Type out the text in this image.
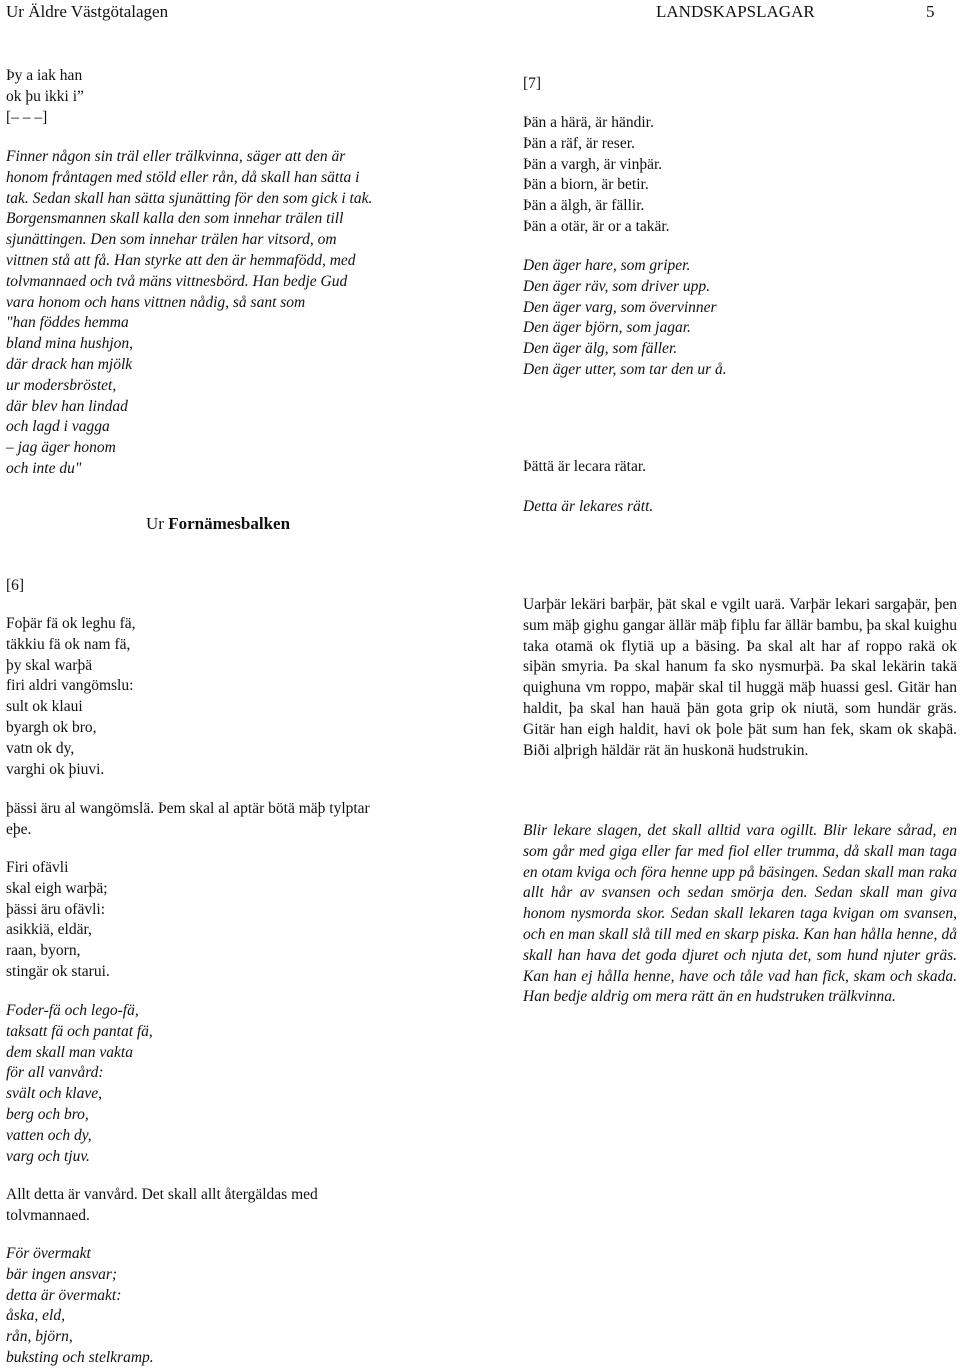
Ur Äldre Västgötalagen	LANDSKAPSLAGAR	5
Þy a iak han
ok þu ikki i”
[– – –]
Finner någon sin träl eller trälkvinna, säger att den är
honom fråntagen med stöld eller rån, då skall han sätta i
tak. Sedan skall han sätta sjunätting för den som gick i tak.
Borgensmannen skall kalla den som innehar trälen till
sjunättingen. Den som innehar trälen har vitsord, om
vittnen stå att få. Han styrke att den är hemmafödd, med
tolvmannaed och två mäns vittnesbörd. Han bedje Gud
vara honom och hans vittnen nådig, så sant som
"han föddes hemma
bland mina hushjon,
där drack han mjölk
ur modersbröstet,
där blev han lindad
och lagd i vagga
– jag äger honom
och inte du"
Ur Fornämesbalken
[7]
Þän a härä, är händir.
Þän a räf, är reser.
Þän a vargh, är vinþär.
Þän a biorn, är betir.
Þän a älgh, är fällir.
Þän a otär, är or a takär.
Den äger hare, som griper.
Den äger räv, som driver upp.
Den äger varg, som övervinner
Den äger björn, som jagar.
Den äger älg, som fäller.
Den äger utter, som tar den ur å.
Þättä är lecara rätar.
Detta är lekares rätt.
[6]
Foþär fä ok leghu fä,
täkkiu fä ok nam fä,
þy skal warþä
firi aldri vangömslu:
sult ok klaui
byargh ok bro,
vatn ok dy,
varghi ok þiuvi.
þässi äru al wangömslä. Þem skal al aptär bötä mäþ tylptar
eþe.
Firi ofävli
skal eigh warþä;
þässi äru ofävli:
asikkiä, eldär,
raan, byorn,
stingär ok starui.
Foder-fä och lego-fä,
taksatt fä och pantat fä,
dem skall man vakta
för all vanvård:
svält och klave,
berg och bro,
vatten och dy,
varg och tjuv.
Allt detta är vanvård. Det skall allt återgäldas med
tolvmannaed.
För övermakt
bär ingen ansvar;
detta är övermakt:
åska, eld,
rån, björn,
buksting och stelkramp.
Uarþär lekäri barþär, þät skal e vgilt uarä. Varþär lekari sargaþär, þen sum mäþ gighu gangar ällär mäþ fiþlu far ällär bambu, þa skal kuighu taka otamä ok flytiä up a bäsing. Þa skal alt har af roppo rakä ok siþän smyria. Þa skal hanum fa sko nysmurþä. Þa skal lekärin takä quighuna vm roppo, maþär skal til huggä mäþ huassi gesl. Gitär han haldit, þa skal han hauä þän gota grip ok niutä, som hundär gräs. Gitär han eigh haldit, havi ok þole þät sum han fek, skam ok skaþä. Biði alþrigh häldär rät än huskonä hudstrukin.
Blir lekare slagen, det skall alltid vara ogillt. Blir lekare sårad, en som går med giga eller far med fiol eller trumma, då skall man taga en otam kviga och föra henne upp på bäsingen. Sedan skall man raka allt hår av svansen och sedan smörja den. Sedan skall man giva honom nysmorda skor. Sedan skall lekaren taga kvigan om svansen, och en man skall slå till med en skarp piska. Kan han hålla henne, då skall han hava det goda djuret och njuta det, som hund njuter gräs. Kan han ej hålla henne, have och tåle vad han fick, skam och skada. Han bedje aldrig om mera rätt än en hudstruken trälkvinna.
